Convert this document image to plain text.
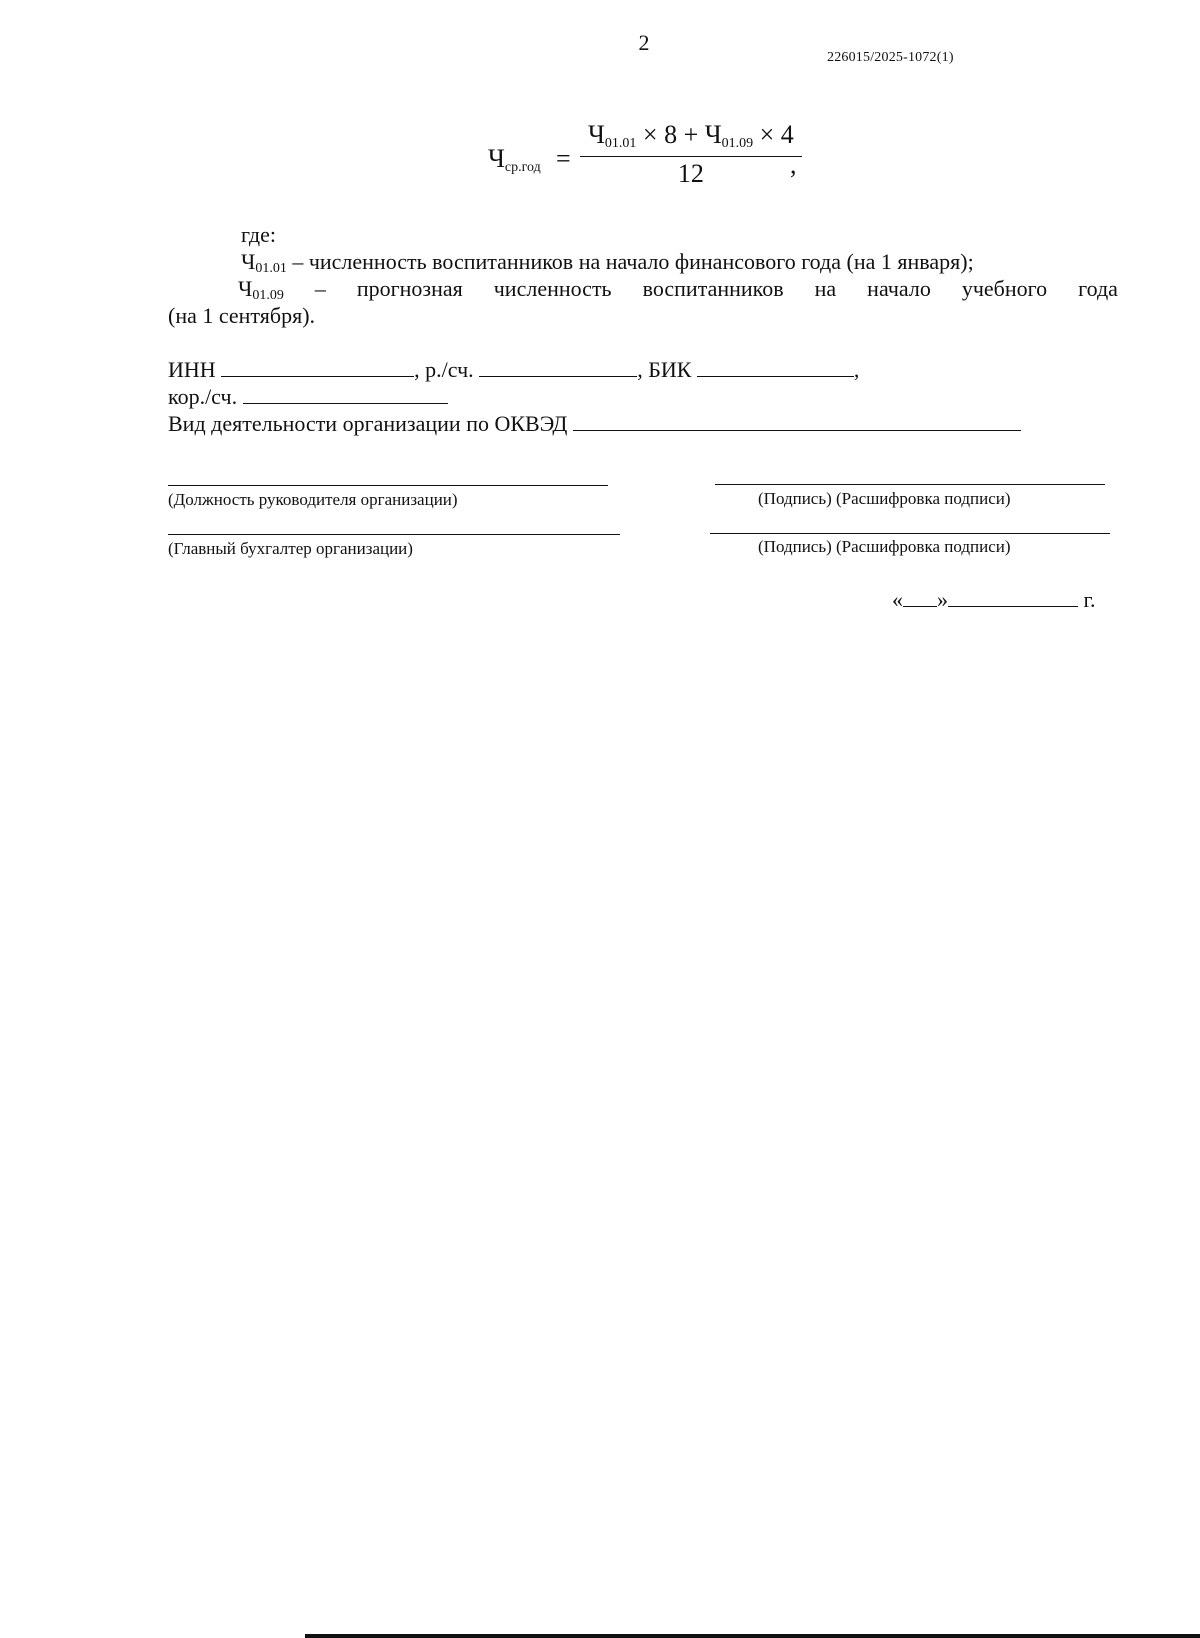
2
226015/2025-1072(1)
$Ч_{ср.год}$ =
$Ч_{01.01} \times 8 + Ч_{01.09} \times 4$
12	,
где:
$Ч_{01.01}$ – численность воспитанников на начало финансового года (на 1 января);
$Ч_{01.09}$ – прогнозная численность воспитанников на начало учебного года
(на 1 сентября).
ИНН	, р./сч.	, БИК	,
кор./сч.
Вид деятельности организации по ОКВЭД
(Должность руководителя организации)	(Подпись) (Расшифровка подписи)
(Главный бухгалтер организации)	(Подпись) (Расшифровка подписи)
« »	г.
